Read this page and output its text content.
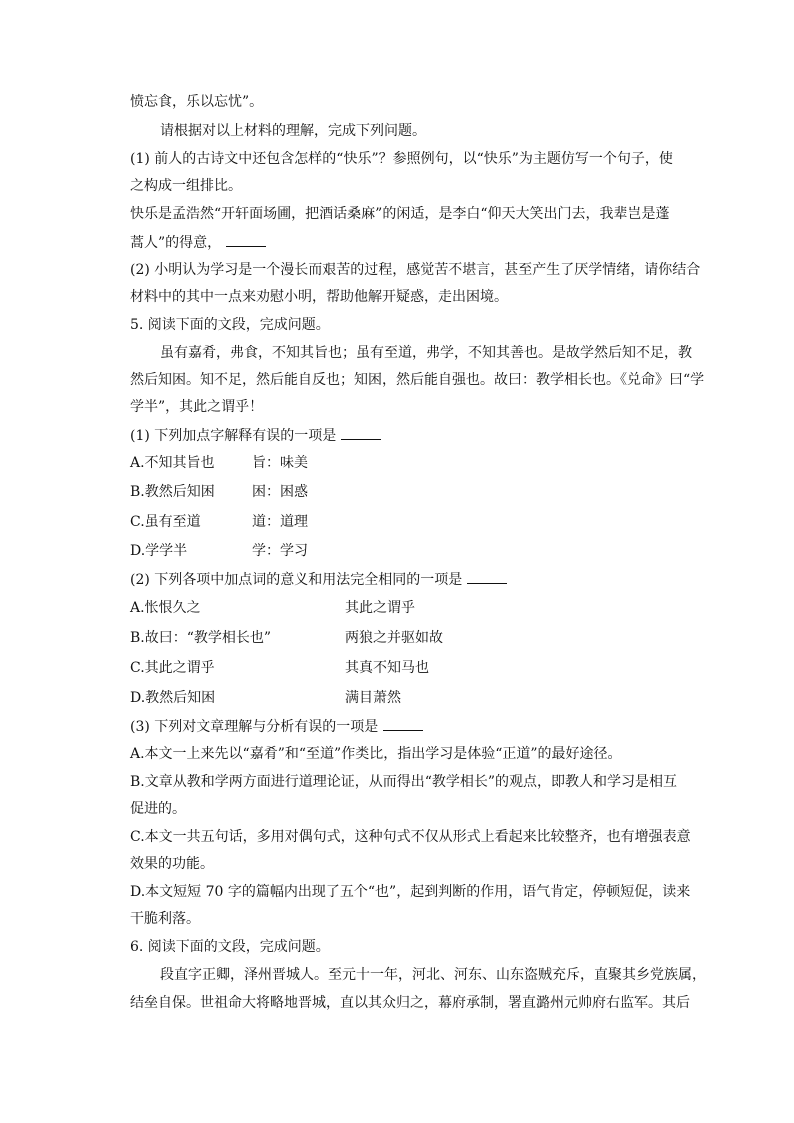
愤忘食，乐以忘忧”。
请根据对以上材料的理解，完成下列问题。
(1) 前人的古诗文中还包含怎样的“快乐”？参照例句，以“快乐”为主题仿写一个句子，使
之构成一组排比。
快乐是孟浩然“开轩面场圃，把酒话桑麻”的闲适，是李白“仰天大笑出门去，我辈岂是蓬
蒿人”的得意，
(2) 小明认为学习是一个漫长而艰苦的过程，感觉苦不堪言，甚至产生了厌学情绪，请你结合
材料中的其中一点来劝慰小明，帮助他解开疑惑，走出困境。
5. 阅读下面的文段，完成问题。
虽有嘉肴，弗食，不知其旨也；虽有至道，弗学，不知其善也。是故学然后知不足，教
然后知困。知不足，然后能自反也；知困，然后能自强也。故曰：教学相长也。《兑命》曰“学
学半”，其此之谓乎！
(1) 下列加点字解释有误的一项是
A.不知其旨也	旨：味美
B.教然后知困	困：困惑
C.虽有至道	道：道理
D.学学半	学：学习
(2) 下列各项中加点词的意义和用法完全相同的一项是
A.怅恨久之	其此之谓乎
B.故曰：“教学相长也”	两狼之并驱如故
C.其此之谓乎	其真不知马也
D.教然后知困	满目萧然
(3) 下列对文章理解与分析有误的一项是
A.本文一上来先以“嘉肴”和“至道”作类比，指出学习是体验“正道”的最好途径。
B.文章从教和学两方面进行道理论证，从而得出“教学相长”的观点，即教人和学习是相互
促进的。
C.本文一共五句话，多用对偶句式，这种句式不仅从形式上看起来比较整齐，也有增强表意
效果的功能。
D.本文短短 70 字的篇幅内出现了五个“也”，起到判断的作用，语气肯定，停顿短促，读来
干脆利落。
6. 阅读下面的文段，完成问题。
段直字正卿，泽州晋城人。至元十一年，河北、河东、山东盗贼充斥，直聚其乡党族属，
结垒自保。世祖命大将略地晋城，直以其众归之，幕府承制，署直潞州元帅府右监军。其后
